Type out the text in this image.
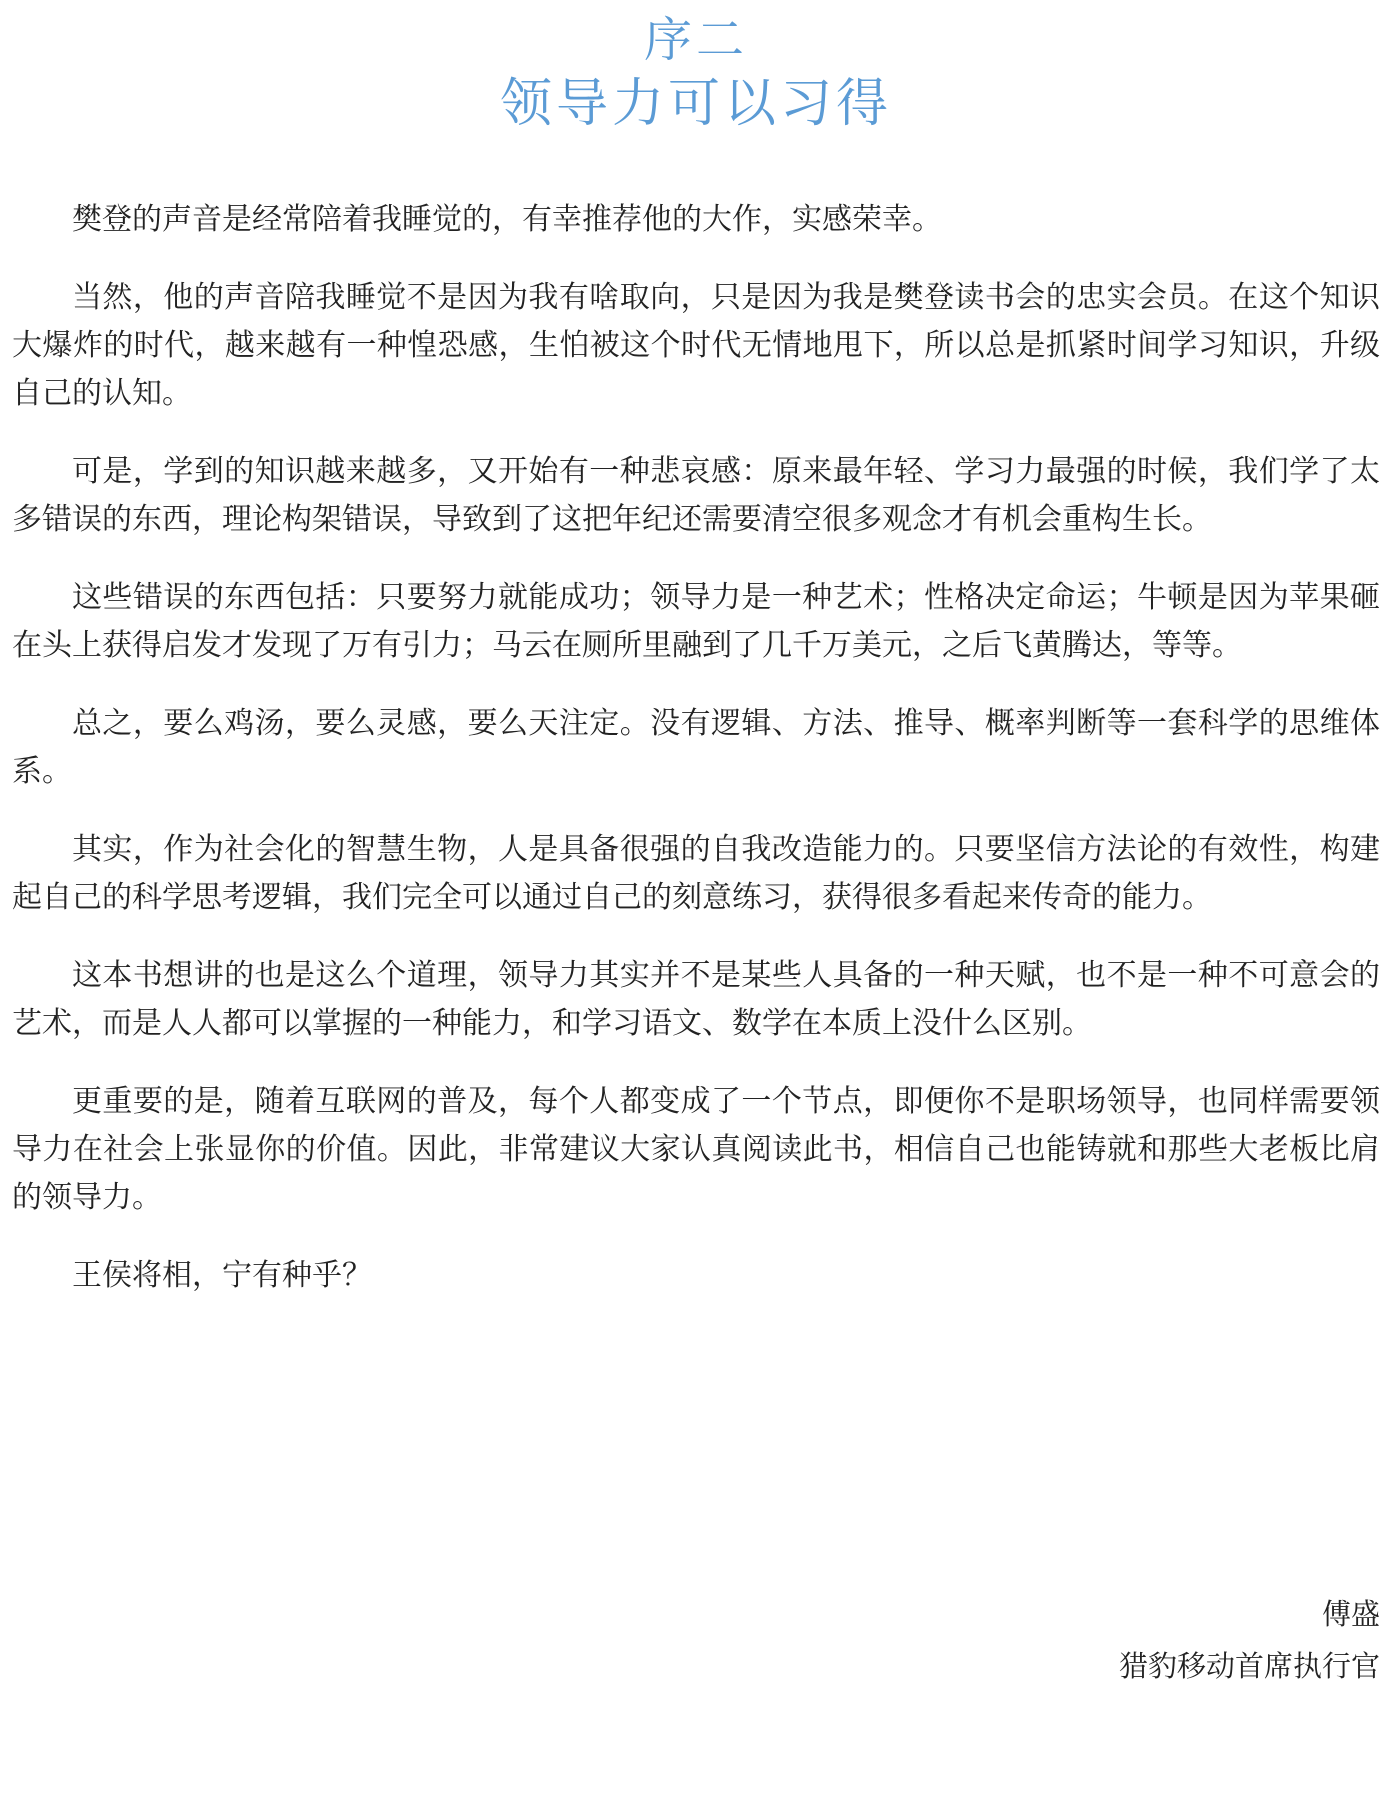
序二
领导力可以习得

樊登的声音是经常陪着我睡觉的，有幸推荐他的大作，实感荣幸。

当然，他的声音陪我睡觉不是因为我有啥取向，只是因为我是樊登读书会的忠实会员。在这个知识大爆炸的时代，越来越有一种惶恐感，生怕被这个时代无情地甩下，所以总是抓紧时间学习知识，升级自己的认知。

可是，学到的知识越来越多，又开始有一种悲哀感：原来最年轻、学习力最强的时候，我们学了太多错误的东西，理论构架错误，导致到了这把年纪还需要清空很多观念才有机会重构生长。

这些错误的东西包括：只要努力就能成功；领导力是一种艺术；性格决定命运；牛顿是因为苹果砸在头上获得启发才发现了万有引力；马云在厕所里融到了几千万美元，之后飞黄腾达，等等。

总之，要么鸡汤，要么灵感，要么天注定。没有逻辑、方法、推导、概率判断等一套科学的思维体系。

其实，作为社会化的智慧生物，人是具备很强的自我改造能力的。只要坚信方法论的有效性，构建起自己的科学思考逻辑，我们完全可以通过自己的刻意练习，获得很多看起来传奇的能力。

这本书想讲的也是这么个道理，领导力其实并不是某些人具备的一种天赋，也不是一种不可意会的艺术，而是人人都可以掌握的一种能力，和学习语文、数学在本质上没什么区别。

更重要的是，随着互联网的普及，每个人都变成了一个节点，即便你不是职场领导，也同样需要领导力在社会上张显你的价值。因此，非常建议大家认真阅读此书，相信自己也能铸就和那些大老板比肩的领导力。

王侯将相，宁有种乎？

傅盛
猎豹移动首席执行官
